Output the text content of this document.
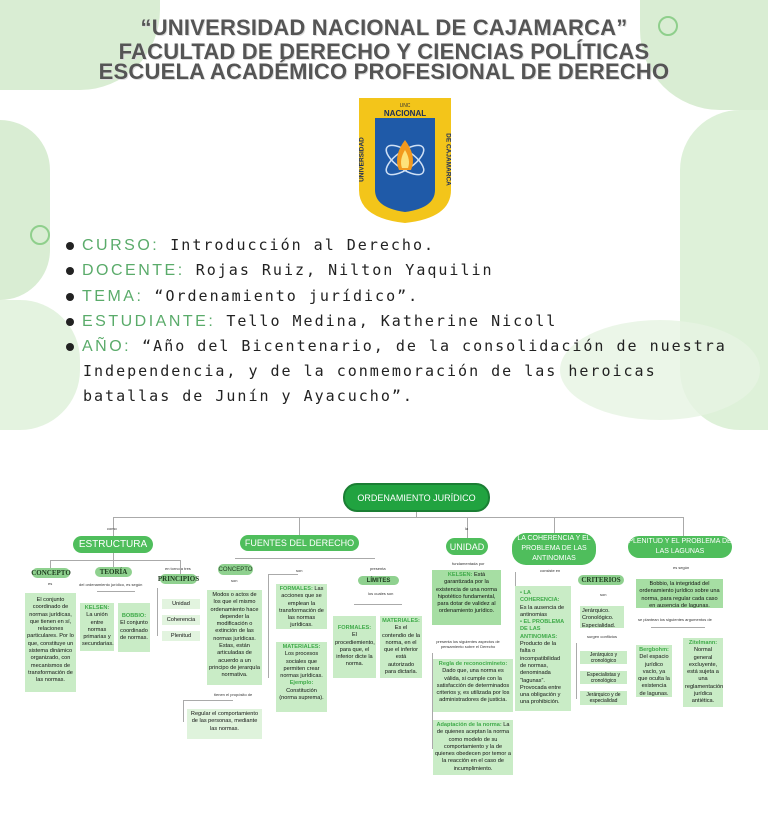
“UNIVERSIDAD NACIONAL DE CAJAMARCA”
FACULTAD DE DERECHO Y CIENCIAS POLÍTICAS
ESCUELA ACADÉMICO PROFESIONAL DE DERECHO
UNC
NACIONAL
UNIVERSIDAD	DE CAJAMARCA
CURSO: Introducción al Derecho.
DOCENTE: Rojas Ruiz, Nilton Yaquilin
TEMA: “Ordenamiento jurídico”.
ESTUDIANTE: Tello Medina, Katherine Nicoll
AÑO: “Año del Bicentenario, de la consolidación de nuestra
Independencia, y de la conmemoración de las heroicas
batallas de Junín y Ayacucho”.
ORDENAMIENTO JURÍDICO
como	la
ESTRUCTURA
CONCEPTO
es
El conjunto coordinado de normas jurídicas, que tienen en sí, relaciones particulares. Por lo que, constituye un sistema dinámico organizado, con mecanismos de transformación de las normas.
TEORÍA
del ordenamiento jurídico, es según
KELSEN: La unión entre normas primarias y secundarias.
BOBBIO: El conjunto coordinado de normas.
en torno a tres
PRINCIPIOS
Unidad
Coherencia
Plenitud
FUENTES DEL DERECHO
CONCEPTO
son
Modos o actos de los que el mismo ordenamiento hace depender la modificación o extinción de las normas jurídicas. Estas, están articuladas de acuerdo a un principo de jerarquía normativa.
tienen el propósito de
Regular el comportamiento de las personas, mediante las normas.
son
FORMALES: Las acciones que se emplean la transformación de las normas jurídicas.
MATERIALES: Los procesos sociales que permiten crear normas jurídicas. Ejemplo: Constitución (norma suprema).
presenta
LÍMITES
los cuales son
FORMALES: El procediemiento, para que, el inferior dicte la norma.
MATERIALES: Es el contendio de la norma, en el que el inferior está autorizado para dictarla.
UNIDAD
fundamentada por
KELSEN: Está garantizada por la existencia de una norma hipotético fundamental, para dotar de validez al ordenamiento jurídico.
presenta los siguientes aspectos de pensamiento sobre el Derecho
Regla de reconocimineto: Dado que, una norma es válida, si cumple con la satisfacción de determinados criterios y, es utilizada por los administradores de justicia.
Adaptación de la norma: La de quienes aceptan la norma como modelo de su comportamiento y la de quienes obedecen por temor a la reacción en el caso de incumplimiento.
LA COHERENCIA Y EL PROBLEMA DE LAS ANTINOMIAS
consiste en
• LA COHERENCIA: Es la ausencia de antinomias
• EL PROBLEMA DE LAS ANTINOMIAS: Producto de la falta o incompatibilidad de normas, denominada “lagunas”. Provocada entre una obligación y una prohibición.
CRITERIOS
son
Jerárquico.
Cronológico.
Especialidad.
surgen conflictos
Jerárquico y cronológico
Especialistas y cronológico
Jerárquico y de especialidad
PLENITUD Y EL PROBLEMA DE LAS LAGUNAS
es según
Bobbio, la integridad del ordenamiento jurídico sobre una norma, para regular cada caso en ausencia de lagunas.
se plantean los siguientes argumentos de
Bergbohm: Del espacio jurídico vacío, ya que oculta la existencia de lagunas.
Zitelmann: Normal general excluyente, está sujeta a una reglamentación jurídica antiética.
